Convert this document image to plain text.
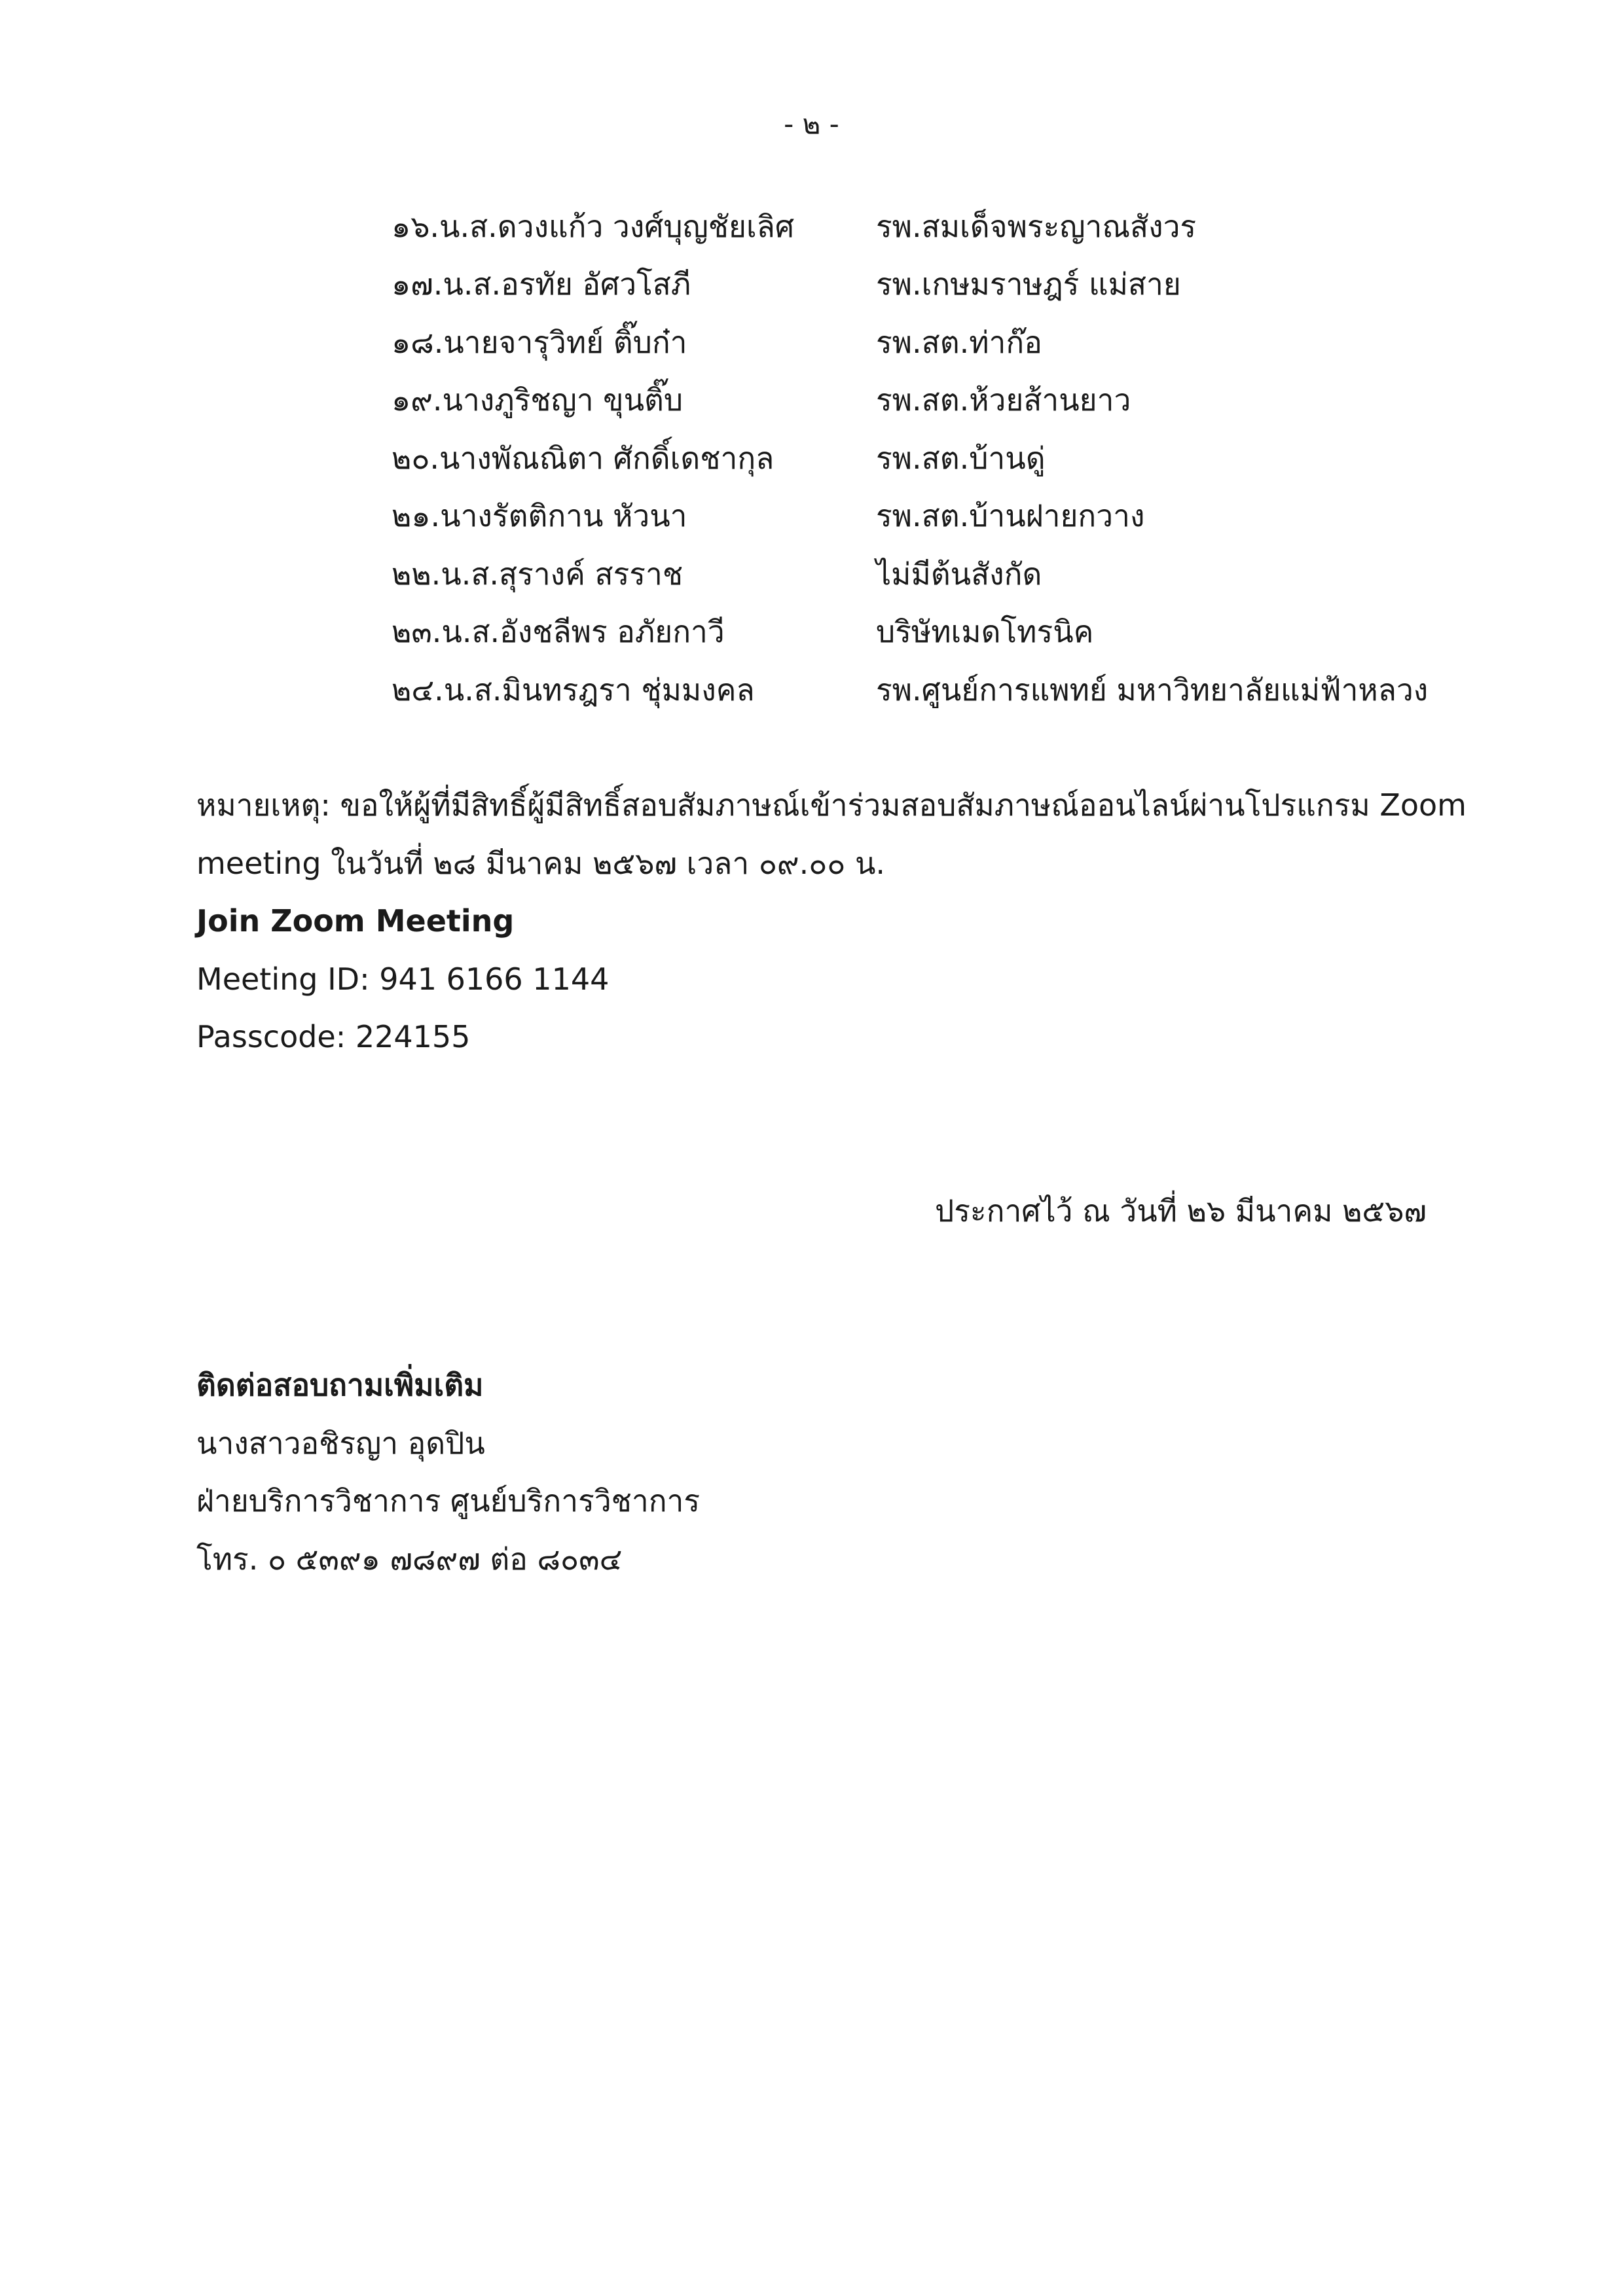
- ๒ -
๑๖.น.ส.ดวงแก้ว วงศ์บุญชัยเลิศ	รพ.สมเด็จพระญาณสังวร
๑๗.น.ส.อรทัย อัศวโสภี	รพ.เกษมราษฎร์ แม่สาย
๑๘.นายจารุวิทย์ ติ๊บก๋า	รพ.สต.ท่าก๊อ
๑๙.นางภูริชญา ขุนติ๊บ	รพ.สต.ห้วยส้านยาว
๒๐.นางพัณณิตา ศักดิ์เดชากุล	รพ.สต.บ้านดู่
๒๑.นางรัตติกาน หัวนา	รพ.สต.บ้านฝายกวาง
๒๒.น.ส.สุรางค์ สรราช	ไม่มีต้นสังกัด
๒๓.น.ส.อังชลีพร อภัยกาวี	บริษัทเมดโทรนิค
๒๔.น.ส.มินทรฎรา ชุ่มมงคล	รพ.ศูนย์การแพทย์ มหาวิทยาลัยแม่ฟ้าหลวง
หมายเหตุ: ขอให้ผู้ที่มีสิทธิ์ผู้มีสิทธิ์สอบสัมภาษณ์เข้าร่วมสอบสัมภาษณ์ออนไลน์ผ่านโปรแกรม Zoom
meeting ในวันที่ ๒๘ มีนาคม ๒๕๖๗ เวลา ๐๙.๐๐ น.
Join Zoom Meeting
Meeting ID: 941 6166 1144
Passcode: 224155
ประกาศไว้ ณ วันที่ ๒๖ มีนาคม ๒๕๖๗
ติดต่อสอบถามเพิ่มเติม
นางสาวอชิรญา อุดปิน
ฝ่ายบริการวิชาการ ศูนย์บริการวิชาการ
โทร. ๐ ๕๓๙๑ ๗๘๙๗ ต่อ ๘๐๓๔
